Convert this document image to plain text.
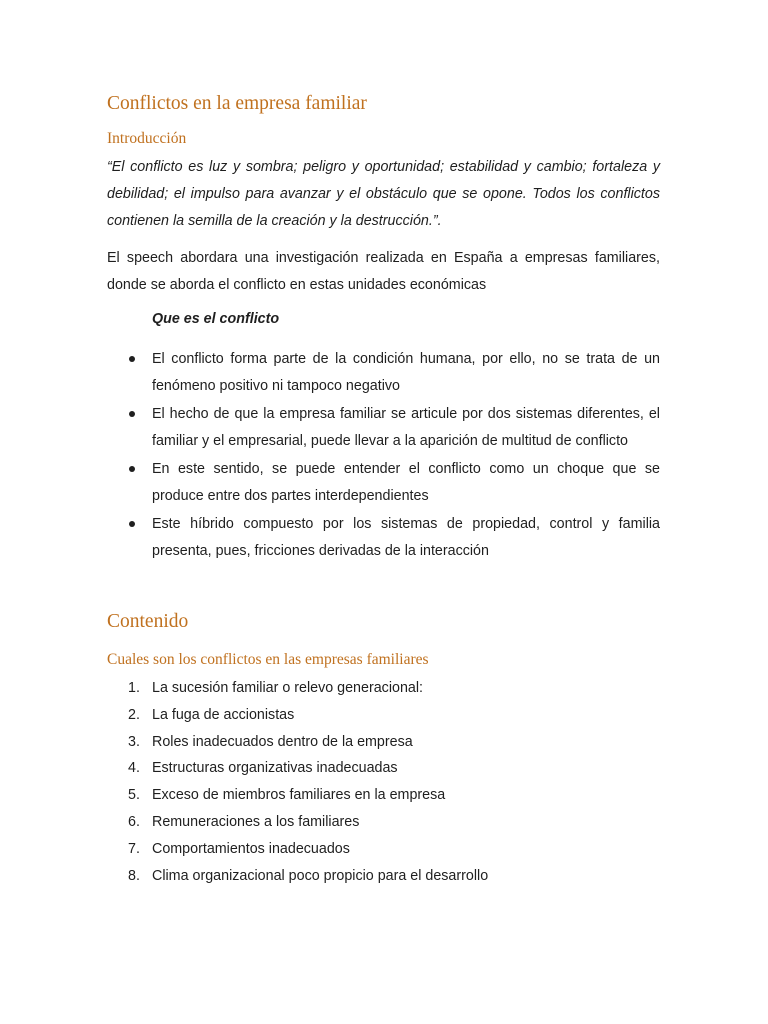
Conflictos en la empresa familiar
Introducción

“El conflicto es luz y sombra; peligro y oportunidad; estabilidad y cambio; fortaleza y debilidad; el impulso para avanzar y el obstáculo que se opone. Todos los conflictos contienen la semilla de la creación y la destrucción.”.

El speech abordara una investigación realizada en España a empresas familiares, donde se aborda el conflicto en estas unidades económicas

Que es el conflicto

El conflicto forma parte de la condición humana, por ello, no se trata de un fenómeno positivo ni tampoco negativo
El hecho de que la empresa familiar se articule por dos sistemas diferentes, el familiar y el empresarial, puede llevar a la aparición de multitud de conflicto
En este sentido, se puede entender el conflicto como un choque que se produce entre dos partes interdependientes
Este híbrido compuesto por los sistemas de propiedad, control y familia presenta, pues, fricciones derivadas de la interacción
Contenido
Cuales son los conflictos en las empresas familiares
1. La sucesión familiar o relevo generacional:
2. La fuga de accionistas
3. Roles inadecuados dentro de la empresa
4. Estructuras organizativas inadecuadas
5. Exceso de miembros familiares en la empresa
6. Remuneraciones a los familiares
7. Comportamientos inadecuados
8. Clima organizacional poco propicio para el desarrollo
